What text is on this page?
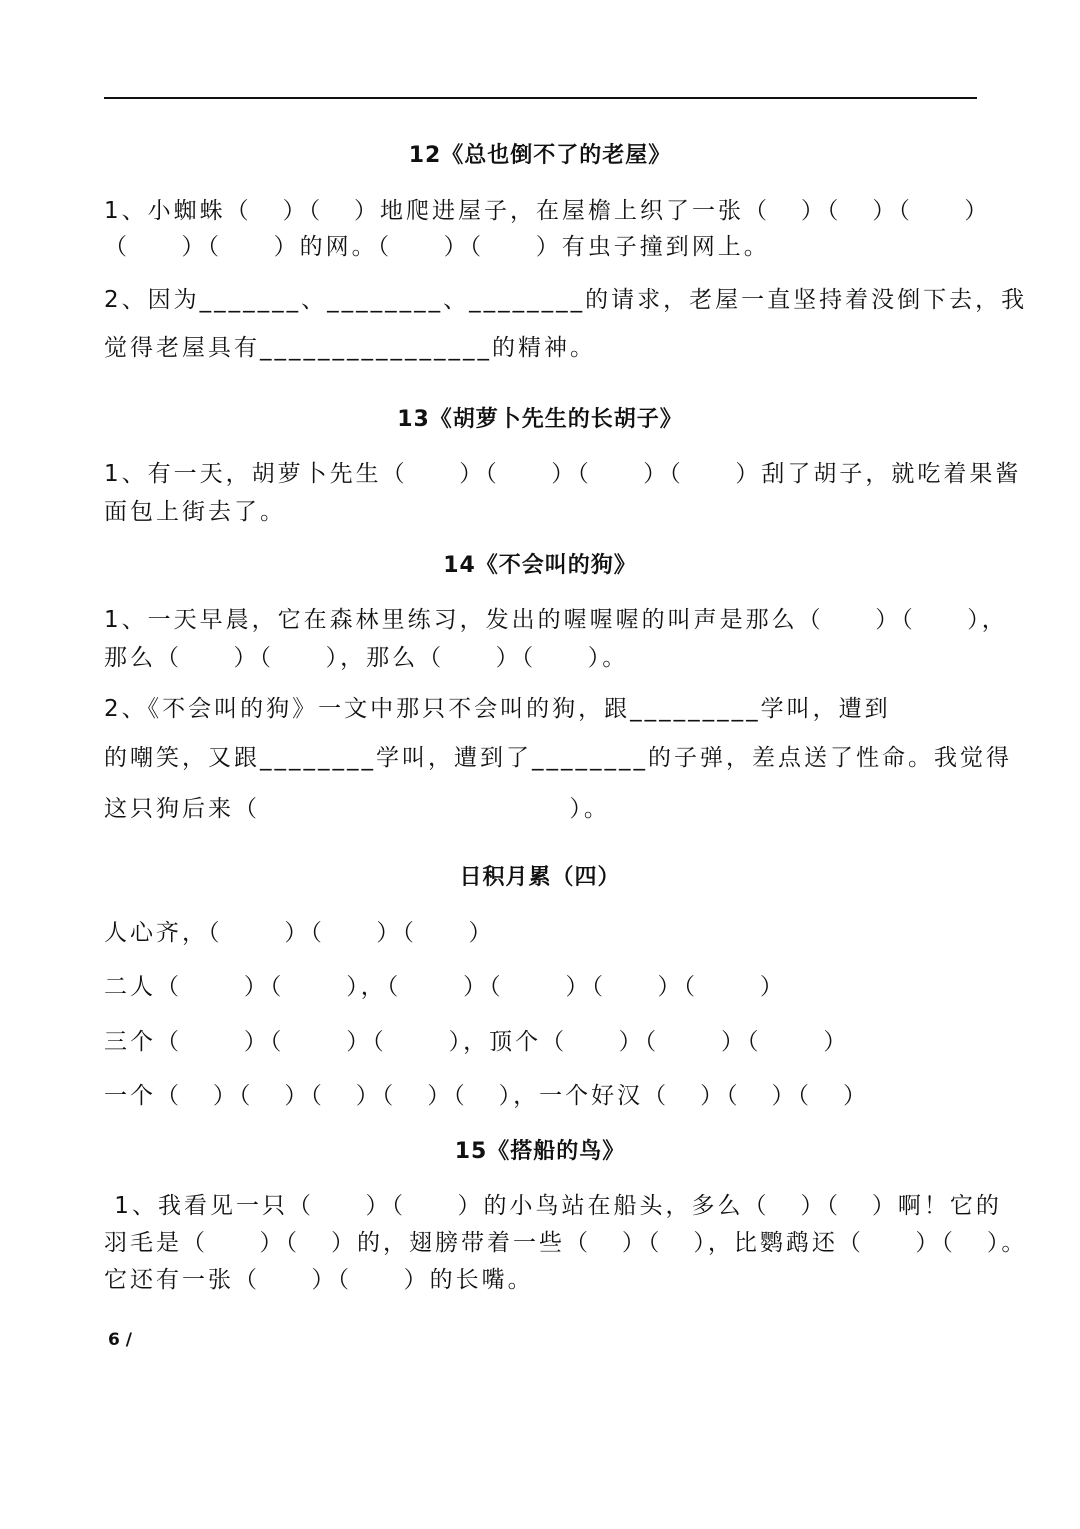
12《总也倒不了的老屋》
1、小蜘蛛（   ）（   ）地爬进屋子，在屋檐上织了一张（   ）（   ）（     ）
（     ）（     ）的网。（     ）（     ）有虫子撞到网上。
2、因为_______、________、________的请求，老屋一直坚持着没倒下去，我
觉得老屋具有________________的精神。
13《胡萝卜先生的长胡子》
1、有一天，胡萝卜先生（     ）（     ）（     ）（     ）刮了胡子，就吃着果酱
面包上街去了。
14《不会叫的狗》
1、一天早晨，它在森林里练习，发出的喔喔喔的叫声是那么（     ）（     ），
那么（     ）（     ），那么（     ）（     ）。
2、《不会叫的狗》一文中那只不会叫的狗，跟_________学叫，遭到
的嘲笑，又跟________学叫，遭到了________的子弹，差点送了性命。我觉得
这只狗后来（                              ）。
日积月累（四）
人心齐，（      ）（     ）（     ）
二人（      ）（      ），（      ）（      ）（     ）（      ）
三个（      ）（      ）（      ），顶个（     ）（      ）（      ）
一个（   ）（   ）（   ）（   ）（   ），一个好汉（   ）（   ）（   ）
15《搭船的鸟》
1、我看见一只（     ）（     ）的小鸟站在船头，多么（   ）（   ）啊！它的
羽毛是（     ）（   ）的，翅膀带着一些（   ）（   ），比鹦鹉还（     ）（   ）。
它还有一张（     ）（     ）的长嘴。
6 /
